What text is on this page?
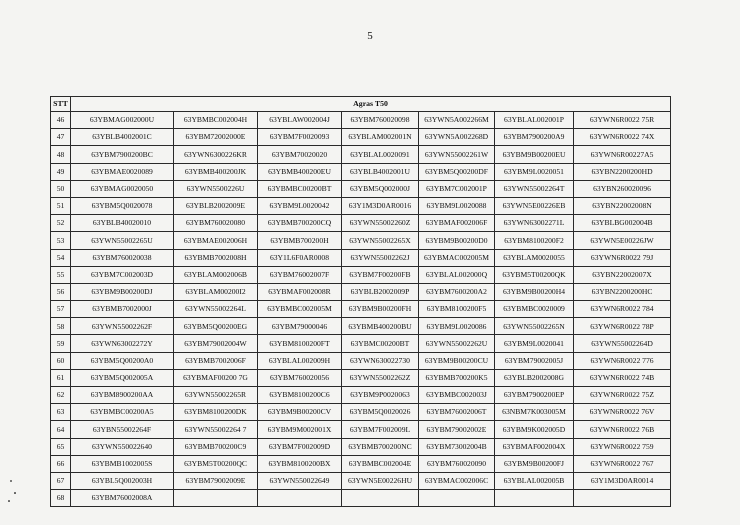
5
STT	Agras T50						
46	63YBMAG002000U	63YBMBC002004H	63YBLAW002004J	63YBM760020098	63YWN5A002266M	63YBLAL002001P	63YWN6R0022 75R
47	63YBLB4002001C	63YBM72002000E	63YBM7F0020093	63YBLAM002001N	63YWN5A002268D	63YBM7900200A9	63YWN6R0022 74X
48	63YBM7900200BC	63YWN6300226KR	63YBM70020020	63YBLAL0020091	63YWN55002261W	63YBM9B00200EU	63YWN6R00227A5
49	63YBMAE0020089	63YBMB400200JK	63YBMB400200EU	63YBLB4002001U	63YBM5Q00200DF	63YBM9L0020051	63YBN2200200HD
50	63YBMAG0020050	63YWN5500226U	63YBMBC00200BT	63YBM5Q002000J	63YBM7C002001P	63YWN55002264T	63YBN260020096
51	63YBM5Q0020078	63YBLB2002009E	63YBM9L0020042	63Y1M3D0AR0016	63YBM9L0020088	63YWN5E00226EB	63YBN22002008N
52	63YBLB40020010	63YBM760020080	63YBMB700200CQ	63YWN55002260Z	63YBMAF002006F	63YWN63002271L	63YBLBG002004B
53	63YWN55002265U	63YBMAE002006H	63YBMB700200H	63YWN55002265X	63YBM9B00200D0	63YBM8100200F2	63YWN5E00226JW
54	63YBM760020038	63YBMB7002008H	63Y1L6F0AR0008	63YWN55002262J	63YBMAC002005M	63YBLAM0020055	63YWN6R0022 79J
55	63YBM7C002003D	63YBLAM002006B	63YBM76002007F	63YBM7F00200FB	63YBLAL002000Q	63YBM5T00200QK	63YBN22002007X
56	63YBM9B00200DJ	63YBLAM00200I2	63YBMAF002008R	63YBLB2002009P	63YBM7600200A2	63YBM9B00200H4	63YBN2200200HC
57	63YBMB7002000J	63YWN55002264L	63YBMBC002005M	63YBM9B00200FH	63YBM8100200F5	63YBMBC0020009	63YWN6R0022 784
58	63YWN55002262F	63YBM5Q00200EG	63YBM79000046	63YBMB400200BU	63YBM9L0020086	63YWN55002265N	63YWN6R0022 78P
59	63YWN63002272Y	63YBM79002004W	63YBM8100200FT	63YBMC00200BT	63YWN55002262U	63YBM9L0020041	63YWN55002264D
60	63YBM5Q00200A0	63YBMB7002006F	63YBLAL002009H	63YWN630022730	63YBM9B00200CU	63YBM79002005J	63YWN6R0022 776
61	63YBM5Q002005A	63YBMAF00200 7G	63YBM760020056	63YWN55002262Z	63YBMB700200K5	63YBLB2002008G	63YWN6R0022 74B
62	63YBM8900200AA	63YWN55002265R	63YBM8100200C6	63YBM9P0020063	63YBMBC002003J	63YBM7900200EP	63YWN6R0022 75Z
63	63YBMBC00200A5	63YBM8100200DK	63YBM9B00200CV	63YBM5Q0020026	63YBM76002006T	63NBM7K003005M	63YWN6R0022 76V
64	63YBN55002264F	63YWN55002264 7	63YBM9M002001X	63YBM7F002009L	63YBM79002002E	63YBM9K002005D	63YWN6R0022 76B
65	63YWN550022640	63YBMB700200C9	63YBM7F002009D	63YBMB700200NC	63YBM73002004B	63YBMAF002004X	63YWN6R0022 759
66	63YBMB1002005S	63YBM5T00200QC	63YBM8100200BX	63YBMBC002004E	63YBM760020090	63YBM9B00200FJ	63YWN6R0022 767
67	63YBL5Q002003H	63YBM79002009E	63YWN550022649	63YWN5E00226HU	63YBMAC002006C	63YBLAL002005B	63Y1M3D0AR0014
68	63YBM76002008A						
